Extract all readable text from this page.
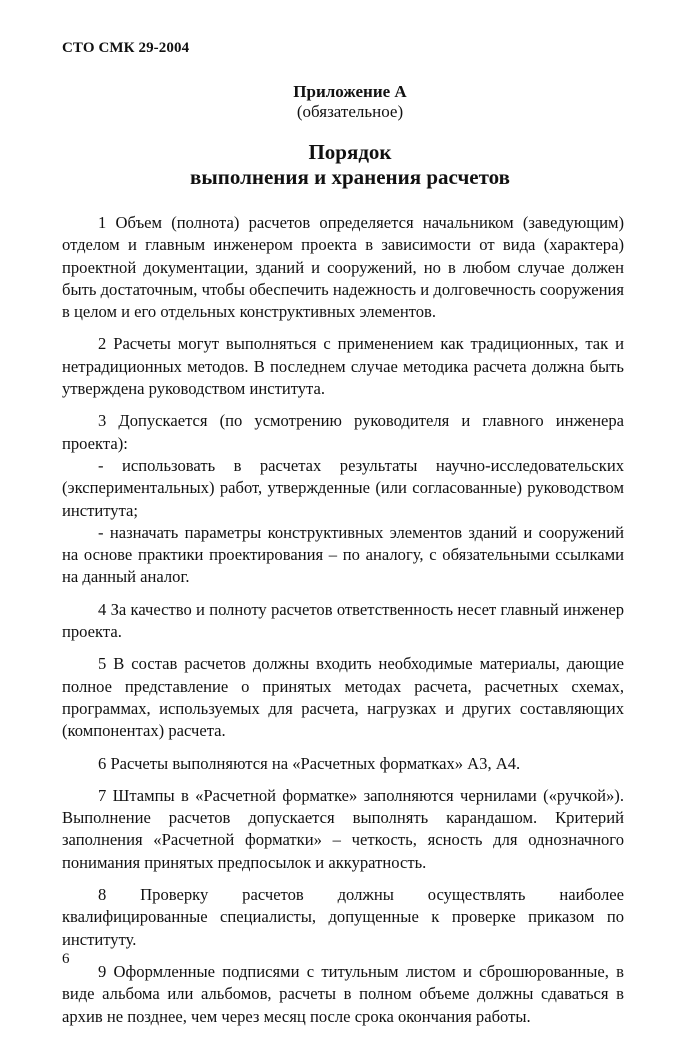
СТО СМК 29-2004
Приложение А
(обязательное)
Порядок
выполнения и хранения расчетов

1 Объем (полнота) расчетов определяется начальником (заведующим) отделом и главным инженером проекта в зависимости от вида (характера) проектной документации, зданий и сооружений, но в любом случае должен быть достаточным, чтобы обеспечить надежность и долговечность сооружения в целом и его отдельных конструктивных элементов.

2 Расчеты могут выполняться с применением как традиционных, так и нетрадиционных методов. В последнем случае методика расчета должна быть утверждена руководством института.

3 Допускается (по усмотрению руководителя и главного инженера проекта):

- использовать в расчетах результаты научно-исследовательских (экспериментальных) работ, утвержденные (или согласованные) руководством института;

- назначать параметры конструктивных элементов зданий и сооружений на основе практики проектирования – по аналогу, с обязательными ссылками на данный аналог.

4 За качество и полноту расчетов ответственность несет главный инженер проекта.

5 В состав расчетов должны входить необходимые материалы, дающие полное представление о принятых методах расчета, расчетных схемах, программах, используемых для расчета, нагрузках и других составляющих (компонентах) расчета.

6 Расчеты выполняются на «Расчетных форматках» А3, А4.

7 Штампы в «Расчетной форматке» заполняются чернилами («ручкой»). Выполнение расчетов допускается выполнять карандашом. Критерий заполнения «Расчетной форматки» – четкость, ясность для однозначного понимания принятых предпосылок и аккуратность.

8 Проверку расчетов должны осуществлять наиболее квалифицированные специалисты, допущенные к проверке приказом по институту.

9 Оформленные подписями с титульным листом и сброшюрованные, в виде альбома или альбомов, расчеты в полном объеме должны сдаваться в архив не позднее, чем через месяц после срока окончания работы.

6
